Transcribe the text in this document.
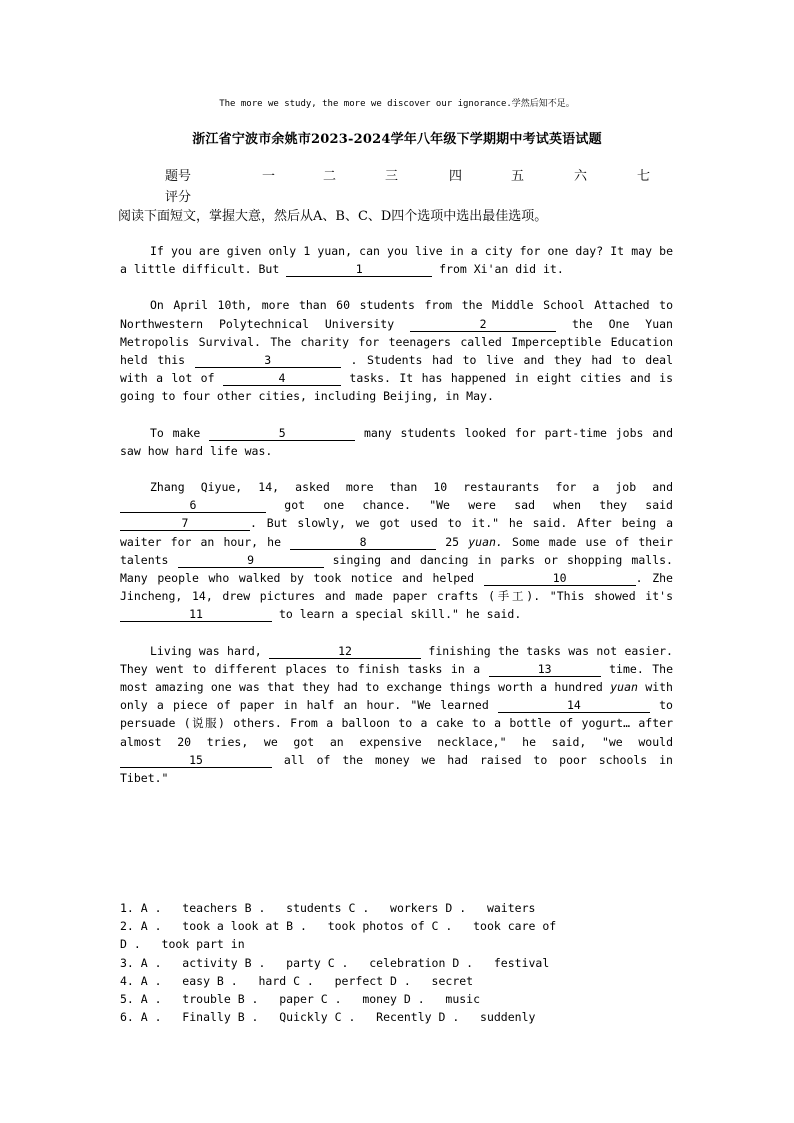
The more we study, the more we discover our ignorance.学然后知不足。
浙江省宁波市余姚市2023-2024学年八年级下学期期中考试英语试题
题号	一	二	三	四	五	六	七
评分
阅读下面短文，掌握大意，然后从A、B、C、D四个选项中选出最佳选项。

If you are given only 1 yuan, can you live in a city for one day? It may be a little difficult. But	1	from Xi'an did it.

On April 10th, more than 60 students from the Middle School Attached to Northwestern Polytechnical University	2	the One Yuan Metropolis Survival. The charity for teenagers called Imperceptible Education held this	3	. Students had to live and they had to deal with a lot of	4	tasks. It has happened in eight cities and is going to four other cities, including Beijing, in May.

To make	5	many students looked for part-time jobs and saw how hard life was.

Zhang Qiyue, 14, asked more than 10 restaurants for a job and 6	got one chance. "We were sad when they said 7	. But slowly, we got used to it." he said. After being a waiter for an hour, he	8	25 yuan. Some made use of their talents	9	singing and dancing in parks or shopping malls. Many people who walked by took notice and helped	10	. Zhe Jincheng, 14, drew pictures and made paper crafts (手工). "This showed it's 11	to learn a special skill." he said.

Living was hard,	12	finishing the tasks was not easier. They went to different places to finish tasks in a	13	time. The most amazing one was that they had to exchange things worth a hundred yuan with only a piece of paper in half an hour. "We learned	14	to persuade (说服) others. From a balloon to a cake to a bottle of yogurt… after almost 20 tries, we got an expensive necklace," he said, "we would 15	all of the money we had raised to poor schools in Tibet."

1. A .   teachers B .   students C .   workers D .   waiters
2. A .   took a look at B .   took photos of C .   took care of
D .   took part in
3. A .   activity B .   party C .   celebration D .   festival
4. A .   easy B .   hard C .   perfect D .   secret
5. A .   trouble B .   paper C .   money D .   music
6. A .   Finally B .   Quickly C .   Recently D .   suddenly
